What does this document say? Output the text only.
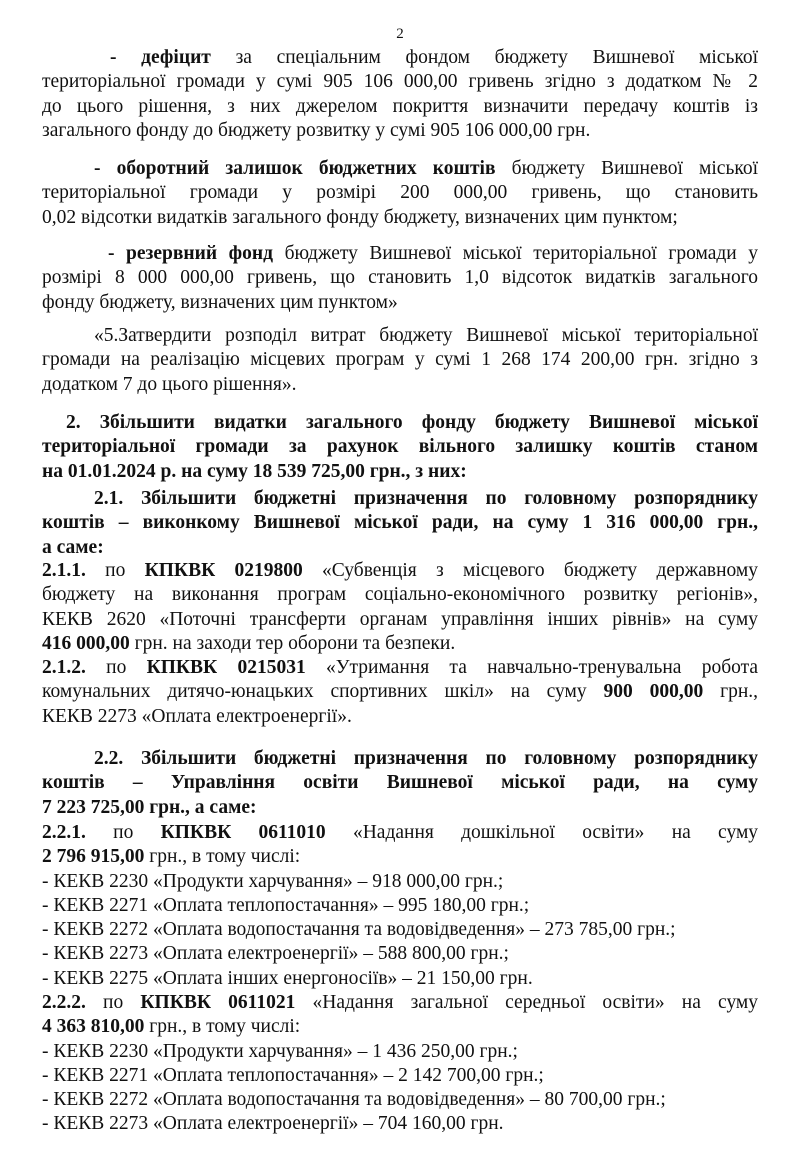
2
- дефіцит за спеціальним фондом бюджету Вишневої міської
територіальної громади у сумі 905 106 000,00 гривень згідно з додатком № 2
до цього рішення, з них джерелом покриття визначити передачу коштів із
загального фонду до бюджету розвитку у сумі 905 106 000,00 грн.
- оборотний залишок бюджетних коштів бюджету Вишневої міської
територіальної громади у розмірі 200 000,00 гривень, що становить
0,02 відсотки видатків загального фонду бюджету, визначених цим пунктом;
- резервний фонд бюджету Вишневої міської територіальної громади у
розмірі 8 000 000,00 гривень, що становить 1,0 відсоток видатків загального
фонду бюджету, визначених цим пунктом»
«5.Затвердити розподіл витрат бюджету Вишневої міської територіальної
громади на реалізацію місцевих програм у сумі 1 268 174 200,00 грн. згідно з
додатком 7 до цього рішення».
2. Збільшити видатки загального фонду бюджету Вишневої міської
територіальної громади за рахунок вільного залишку коштів станом
на 01.01.2024 р. на суму 18 539 725,00 грн., з них:
2.1. Збільшити бюджетні призначення по головному розпоряднику
коштів – виконкому Вишневої міської ради, на суму 1 316 000,00 грн.,
а саме:
2.1.1. по КПКВК 0219800 «Субвенція з місцевого бюджету державному
бюджету на виконання програм соціально-економічного розвитку регіонів»,
КЕКВ 2620 «Поточні трансферти органам управління інших рівнів» на суму
416 000,00 грн. на заходи тер оборони та безпеки.
2.1.2. по КПКВК 0215031 «Утримання та навчально-тренувальна робота
комунальних дитячо-юнацьких спортивних шкіл» на суму 900 000,00 грн.,
КЕКВ 2273 «Оплата електроенергії».
2.2. Збільшити бюджетні призначення по головному розпоряднику
коштів – Управління освіти Вишневої міської ради, на суму
7 223 725,00 грн., а саме:
2.2.1. по КПКВК 0611010 «Надання дошкільної освіти» на суму
2 796 915,00 грн., в тому числі:
- КЕКВ 2230 «Продукти харчування» – 918 000,00 грн.;
- КЕКВ 2271 «Оплата теплопостачання» – 995 180,00 грн.;
- КЕКВ 2272 «Оплата водопостачання та водовідведення» – 273 785,00 грн.;
- КЕКВ 2273 «Оплата електроенергії» – 588 800,00 грн.;
- КЕКВ 2275 «Оплата інших енергоносіїв» – 21 150,00 грн.
2.2.2. по КПКВК 0611021 «Надання загальної середньої освіти» на суму
4 363 810,00 грн., в тому числі:
- КЕКВ 2230 «Продукти харчування» – 1 436 250,00 грн.;
- КЕКВ 2271 «Оплата теплопостачання» – 2 142 700,00 грн.;
- КЕКВ 2272 «Оплата водопостачання та водовідведення» – 80 700,00 грн.;
- КЕКВ 2273 «Оплата електроенергії» – 704 160,00 грн.
